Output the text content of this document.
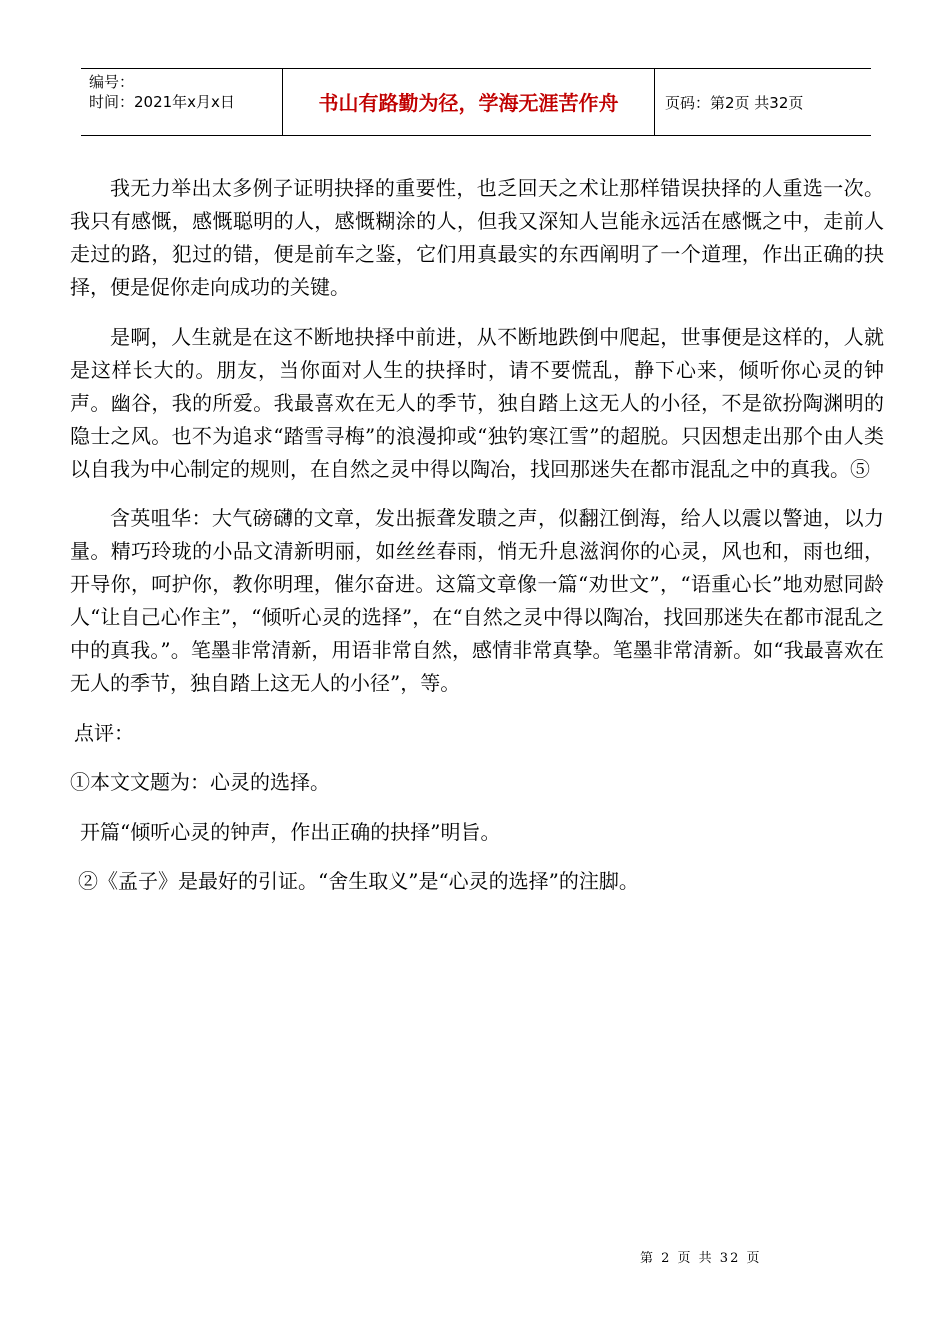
编号：
时间：2021年x月x日	书山有路勤为径，学海无涯苦作舟	页码：第2页 共32页

我无力举出太多例子证明抉择的重要性，也乏回天之术让那样错误抉择的人重选一次。我只有感慨，感慨聪明的人，感慨糊涂的人，但我又深知人岂能永远活在感慨之中，走前人走过的路，犯过的错，便是前车之鉴，它们用真最实的东西阐明了一个道理，作出正确的抉择，便是促你走向成功的关键。

是啊，人生就是在这不断地抉择中前进，从不断地跌倒中爬起，世事便是这样的，人就是这样长大的。朋友，当你面对人生的抉择时，请不要慌乱，静下心来，倾听你心灵的钟声。幽谷，我的所爱。我最喜欢在无人的季节，独自踏上这无人的小径，不是欲扮陶渊明的隐士之风。也不为追求“踏雪寻梅”的浪漫抑或“独钓寒江雪”的超脱。只因想走出那个由人类以自我为中心制定的规则，在自然之灵中得以陶冶，找回那迷失在都市混乱之中的真我。⑤

含英咀华：大气磅礴的文章，发出振聋发聩之声，似翻江倒海，给人以震以警迪，以力量。精巧玲珑的小品文清新明丽，如丝丝春雨，悄无升息滋润你的心灵，风也和，雨也细，开导你，呵护你，教你明理，催尔奋进。这篇文章像一篇“劝世文”，“语重心长”地劝慰同龄人“让自己心作主”，“倾听心灵的选择”，在“自然之灵中得以陶冶，找回那迷失在都市混乱之中的真我。”。笔墨非常清新，用语非常自然，感情非常真挚。笔墨非常清新。如“我最喜欢在无人的季节，独自踏上这无人的小径”，等。

点评：

①本文文题为：心灵的选择。

开篇“倾听心灵的钟声，作出正确的抉择”明旨。

②《孟子》是最好的引证。“舍生取义”是“心灵的选择”的注脚。

第 2 页 共 32 页
